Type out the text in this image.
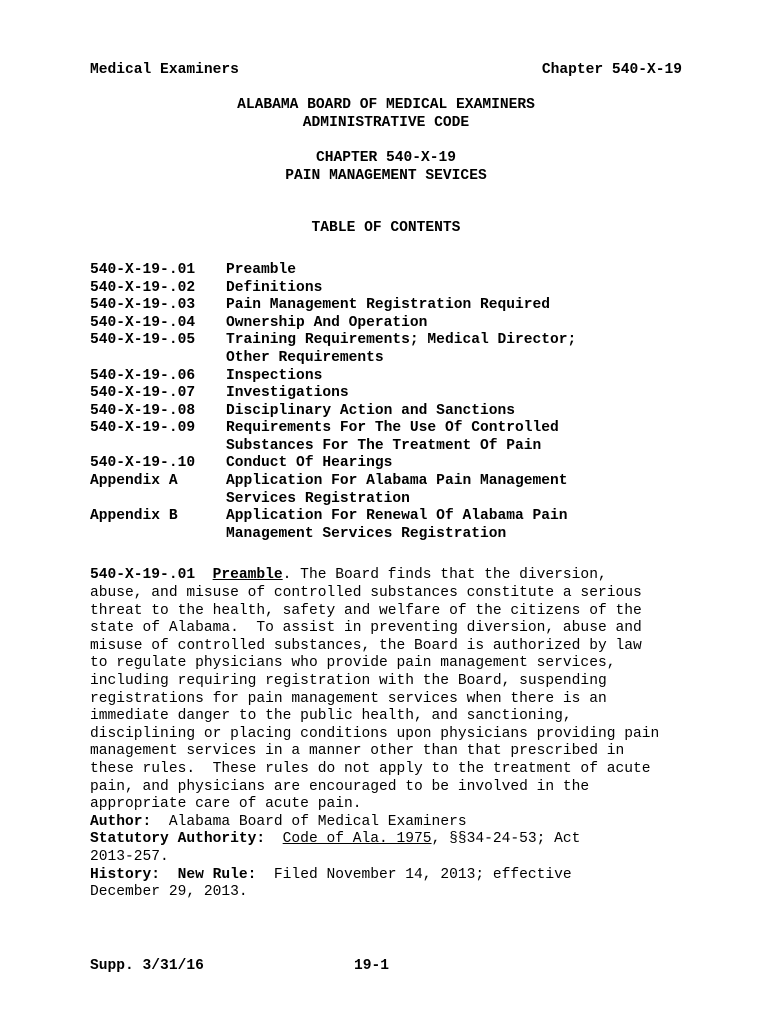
Medical Examiners	Chapter 540-X-19
ALABAMA BOARD OF MEDICAL EXAMINERS
ADMINISTRATIVE CODE
CHAPTER 540-X-19
PAIN MANAGEMENT SEVICES
TABLE OF CONTENTS
540-X-19-.01	Preamble
540-X-19-.02	Definitions
540-X-19-.03	Pain Management Registration Required
540-X-19-.04	Ownership And Operation
540-X-19-.05	Training Requirements; Medical Director;
Other Requirements
540-X-19-.06	Inspections
540-X-19-.07	Investigations
540-X-19-.08	Disciplinary Action and Sanctions
540-X-19-.09	Requirements For The Use Of Controlled
Substances For The Treatment Of Pain
540-X-19-.10	Conduct Of Hearings
Appendix A	Application For Alabama Pain Management
Services Registration
Appendix B	Application For Renewal Of Alabama Pain
Management Services Registration
540-X-19-.01 Preamble. The Board finds that the diversion,
abuse, and misuse of controlled substances constitute a serious
threat to the health, safety and welfare of the citizens of the
state of Alabama.  To assist in preventing diversion, abuse and
misuse of controlled substances, the Board is authorized by law
to regulate physicians who provide pain management services,
including requiring registration with the Board, suspending
registrations for pain management services when there is an
immediate danger to the public health, and sanctioning,
disciplining or placing conditions upon physicians providing pain
management services in a manner other than that prescribed in
these rules.  These rules do not apply to the treatment of acute
pain, and physicians are encouraged to be involved in the
appropriate care of acute pain.
Author:  Alabama Board of Medical Examiners
Statutory Authority: Code of Ala. 1975, §§34-24-53; Act
2013-257.
History:  New Rule:  Filed November 14, 2013; effective
December 29, 2013.
Supp. 3/31/16	19-1
